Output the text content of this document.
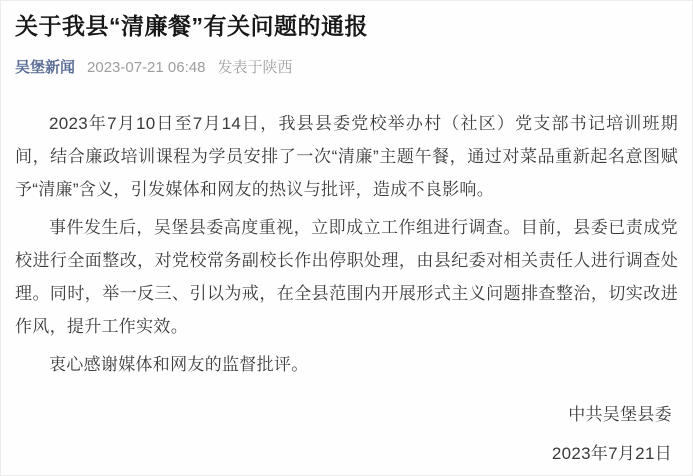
关于我县“清廉餐”有关问题的通报
吴堡新闻 2023-07-21 06:48 发表于陕西

2023年7月10日至7月14日，我县县委党校举办村（社区）党支部书记培训班期间，结合廉政培训课程为学员安排了一次“清廉”主题午餐，通过对菜品重新起名意图赋予“清廉”含义，引发媒体和网友的热议与批评，造成不良影响。

事件发生后，吴堡县委高度重视，立即成立工作组进行调查。目前，县委已责成党校进行全面整改，对党校常务副校长作出停职处理，由县纪委对相关责任人进行调查处理。同时，举一反三、引以为戒，在全县范围内开展形式主义问题排查整治，切实改进作风，提升工作实效。

衷心感谢媒体和网友的监督批评。

中共吴堡县委
2023年7月21日
